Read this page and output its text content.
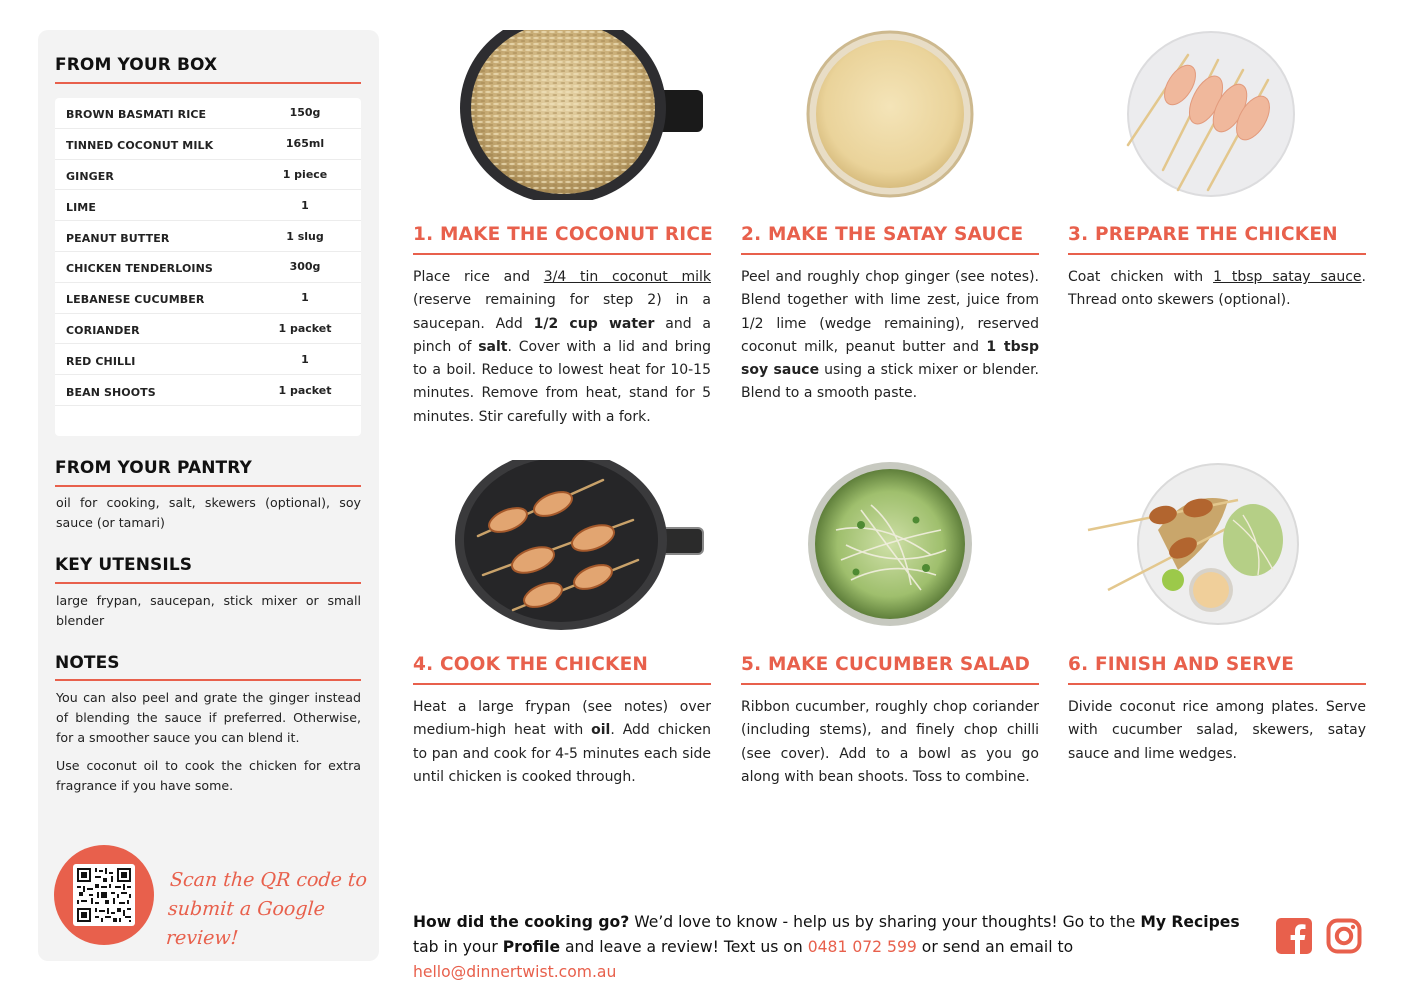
FROM YOUR BOX
BROWN BASMATI RICE	150g
TINNED COCONUT MILK	165ml
GINGER	1 piece
LIME	1
PEANUT BUTTER	1 slug
CHICKEN TENDERLOINS	300g
LEBANESE CUCUMBER	1
CORIANDER	1 packet
RED CHILLI	1
BEAN SHOOTS	1 packet
FROM YOUR PANTRY
oil for cooking, salt, skewers (optional), soy sauce (or tamari)
KEY UTENSILS
large frypan, saucepan, stick mixer or small blender
NOTES
You can also peel and grate the ginger instead of blending the sauce if preferred. Otherwise, for a smoother sauce you can blend it.
Use coconut oil to cook the chicken for extra fragrance if you have some.
Scan the QR code to
submit a Google review!
1. MAKE THE COCONUT RICE
Place rice and 3/4 tin coconut milk (reserve remaining for step 2) in a saucepan. Add 1/2 cup water and a pinch of salt. Cover with a lid and bring to a boil. Reduce to lowest heat for 10-15 minutes. Remove from heat, stand for 5 minutes. Stir carefully with a fork.
2. MAKE THE SATAY SAUCE
Peel and roughly chop ginger (see notes). Blend together with lime zest, juice from 1/2 lime (wedge remaining), reserved coconut milk, peanut butter and 1 tbsp soy sauce using a stick mixer or blender. Blend to a smooth paste.
3. PREPARE THE CHICKEN
Coat chicken with 1 tbsp satay sauce. Thread onto skewers (optional).
4. COOK THE CHICKEN
Heat a large frypan (see notes) over medium-high heat with oil. Add chicken to pan and cook for 4-5 minutes each side until chicken is cooked through.
5. MAKE CUCUMBER SALAD
Ribbon cucumber, roughly chop coriander (including stems), and finely chop chilli (see cover). Add to a bowl as you go along with bean shoots. Toss to combine.
6. FINISH AND SERVE
Divide coconut rice among plates. Serve with cucumber salad, skewers, satay sauce and lime wedges.
How did the cooking go? We’d love to know - help us by sharing your thoughts! Go to the My Recipes tab in your Profile and leave a review! Text us on 0481 072 599 or send an email to hello@dinnertwist.com.au
